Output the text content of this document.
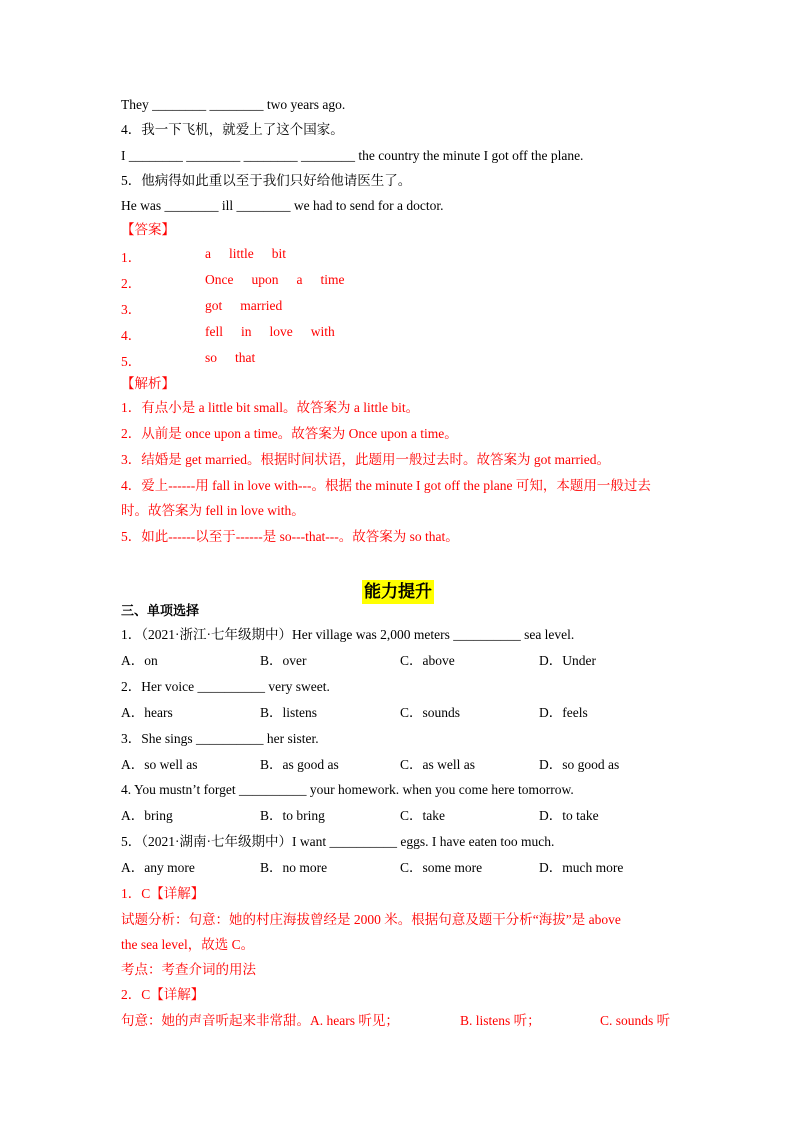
They ________ ________ two years ago.
4．我一下飞机，就爱上了这个国家。
I ________ ________ ________ ________ the country the minute I got off the plane.
5．他病得如此重以至于我们只好给他请医生了。
He was ________ ill ________ we had to send for a doctor.
【答案】
1．	a little bit
2．	Once upon a time
3．	got married
4．	fell in love with
5．	so that
【解析】
1．有点小是 a little bit small。故答案为 a little bit。
2．从前是 once upon a time。故答案为 Once upon a time。
3．结婚是 get married。根据时间状语，此题用一般过去时。故答案为 got married。
4．爱上------用 fall in love with---。根据 the minute I got off the plane 可知，本题用一般过去
时。故答案为 fell in love with。
5．如此------以至于------是 so---that---。故答案为 so that。
能力提升
三、单项选择
1．（2021·浙江·七年级期中）Her village was 2,000 meters __________ sea level.
A．on	B．over	C．above	D．Under
2．Her voice __________ very sweet.
A．hears	B．listens	C．sounds	D．feels
3．She sings __________ her sister.
A．so well as	B．as good as	C．as well as	D．so good as
4. You mustn’t forget __________ your homework. when you come here tomorrow.
A．bring	B．to bring	C．take	D．to take
5．（2021·湖南·七年级期中）I want __________ eggs. I have eaten too much.
A．any more	B．no more	C．some more	D．much more
1．C【详解】
试题分析：句意：她的村庄海拔曾经是 2000 米。根据句意及题干分析“海拔”是 above
the sea level，故选 C。
考点：考查介词的用法
2．C【详解】
句意：她的声音听起来非常甜。A. hears 听见；	B. listens 听；	C. sounds 听
